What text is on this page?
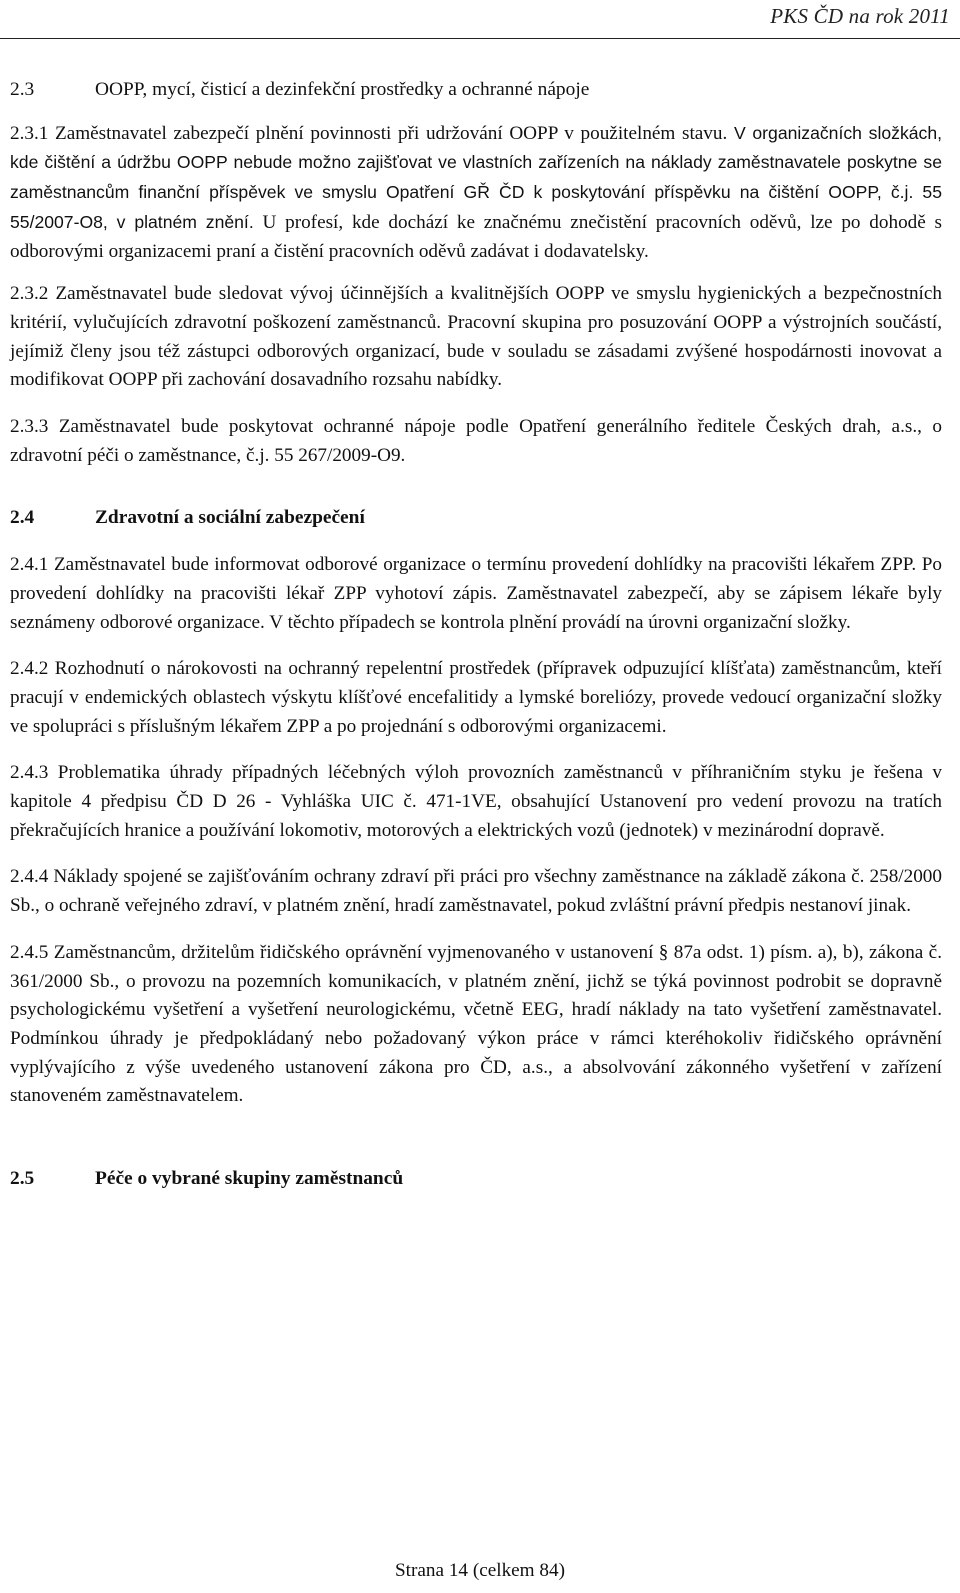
PKS ČD na rok 2011
2.3	OOPP, mycí, čisticí a dezinfekční prostředky a ochranné nápoje

2.3.1 Zaměstnavatel zabezpečí plnění povinnosti při udržování OOPP v použitelném stavu. V organizačních složkách, kde čištění a údržbu OOPP nebude možno zajišťovat ve vlastních zařízeních na náklady zaměstnavatele poskytne se zaměstnancům finanční příspěvek ve smyslu Opatření GŘ ČD k poskytování příspěvku na čištění OOPP, č.j. 55 55/2007-O8, v platném znění. U profesí, kde dochází ke značnému znečistění pracovních oděvů, lze po dohodě s odborovými organizacemi praní a čistění pracovních oděvů zadávat i dodavatelsky.

2.3.2 Zaměstnavatel bude sledovat vývoj účinnějších a kvalitnějších OOPP ve smyslu hygienických a bezpečnostních kritérií, vylučujících zdravotní poškození zaměstnanců. Pracovní skupina pro posuzování OOPP a výstrojních součástí, jejímiž členy jsou též zástupci odborových organizací, bude v souladu se zásadami zvýšené hospodárnosti inovovat a modifikovat OOPP při zachování dosavadního rozsahu nabídky.

2.3.3 Zaměstnavatel bude poskytovat ochranné nápoje podle Opatření generálního ředitele Českých drah, a.s., o zdravotní péči o zaměstnance, č.j. 55 267/2009-O9.

2.4	Zdravotní a sociální zabezpečení

2.4.1 Zaměstnavatel bude informovat odborové organizace o termínu provedení dohlídky na pracovišti lékařem ZPP. Po provedení dohlídky na pracovišti lékař ZPP vyhotoví zápis. Zaměstnavatel zabezpečí, aby se zápisem lékaře byly seznámeny odborové organizace. V těchto případech se kontrola plnění provádí na úrovni organizační složky.

2.4.2 Rozhodnutí o nárokovosti na ochranný repelentní prostředek (přípravek odpuzující klíšťata) zaměstnancům, kteří pracují v endemických oblastech výskytu klíšťové encefalitidy a lymské boreliózy, provede vedoucí organizační složky ve spolupráci s příslušným lékařem ZPP a po projednání s odborovými organizacemi.

2.4.3 Problematika úhrady případných léčebných výloh provozních zaměstnanců v příhraničním styku je řešena v kapitole 4 předpisu ČD D 26 - Vyhláška UIC č. 471-1VE, obsahující Ustanovení pro vedení provozu na tratích překračujících hranice a používání lokomotiv, motorových a elektrických vozů (jednotek) v mezinárodní dopravě.

2.4.4 Náklady spojené se zajišťováním ochrany zdraví při práci pro všechny zaměstnance na základě zákona č. 258/2000 Sb., o ochraně veřejného zdraví, v platném znění, hradí zaměstnavatel, pokud zvláštní právní předpis nestanoví jinak.

2.4.5 Zaměstnancům, držitelům řidičského oprávnění vyjmenovaného v ustanovení § 87a odst. 1) písm. a), b), zákona č. 361/2000 Sb., o provozu na pozemních komunikacích, v platném znění, jichž se týká povinnost podrobit se dopravně psychologickému vyšetření a vyšetření neurologickému, včetně EEG, hradí náklady na tato vyšetření zaměstnavatel. Podmínkou úhrady je předpokládaný nebo požadovaný výkon práce v rámci kteréhokoliv řidičského oprávnění vyplývajícího z výše uvedeného ustanovení zákona pro ČD, a.s., a absolvování zákonného vyšetření v zařízení stanoveném zaměstnavatelem.

2.5	Péče o vybrané skupiny zaměstnanců
Strana 14 (celkem 84)
